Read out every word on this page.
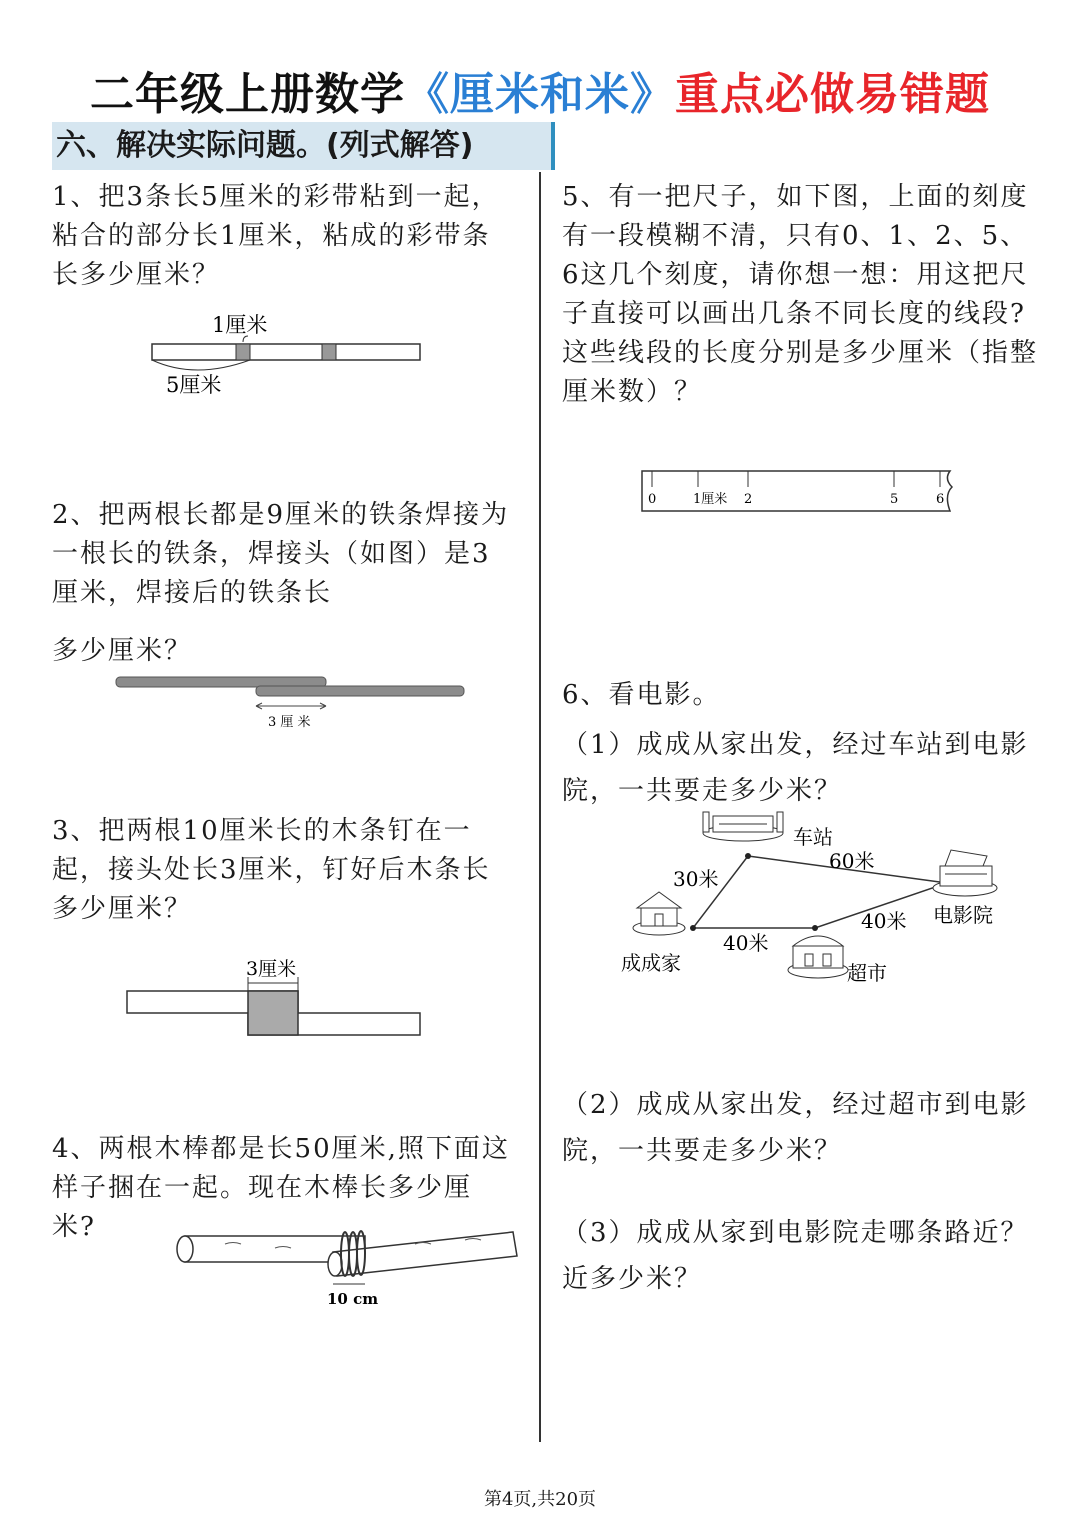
二年级上册数学《厘米和米》重点必做易错题
六、解决实际问题。(列式解答)
1、把3条长5厘米的彩带粘到一起，粘合的部分长1厘米，粘成的彩带条长多少厘米？
1厘米
5厘米
2、把两根长都是9厘米的铁条焊接为一根长的铁条，焊接头（如图）是3厘米，焊接后的铁条长
多少厘米？
3 厘 米
3、把两根10厘米长的木条钉在一起，接头处长3厘米，钉好后木条长多少厘米？
3厘米
4、两根木棒都是长50厘米,照下面这样子捆在一起。现在木棒长多少厘米?
10 cm
5、有一把尺子，如下图，上面的刻度有一段模糊不清，只有0、1、2、5、6这几个刻度，请你想一想：用这把尺子直接可以画出几条不同长度的线段?这些线段的长度分别是多少厘米（指整厘米数）？
0	1厘米 2	5	6
6、看电影。
（1）成成从家出发，经过车站到电影院，一共要走多少米？
车站
电影院
成成家	超市
30米
60米
40米
40米
（2）成成从家出发，经过超市到电影院，一共要走多少米？
（3）成成从家到电影院走哪条路近？近多少米？
第4页,共20页
